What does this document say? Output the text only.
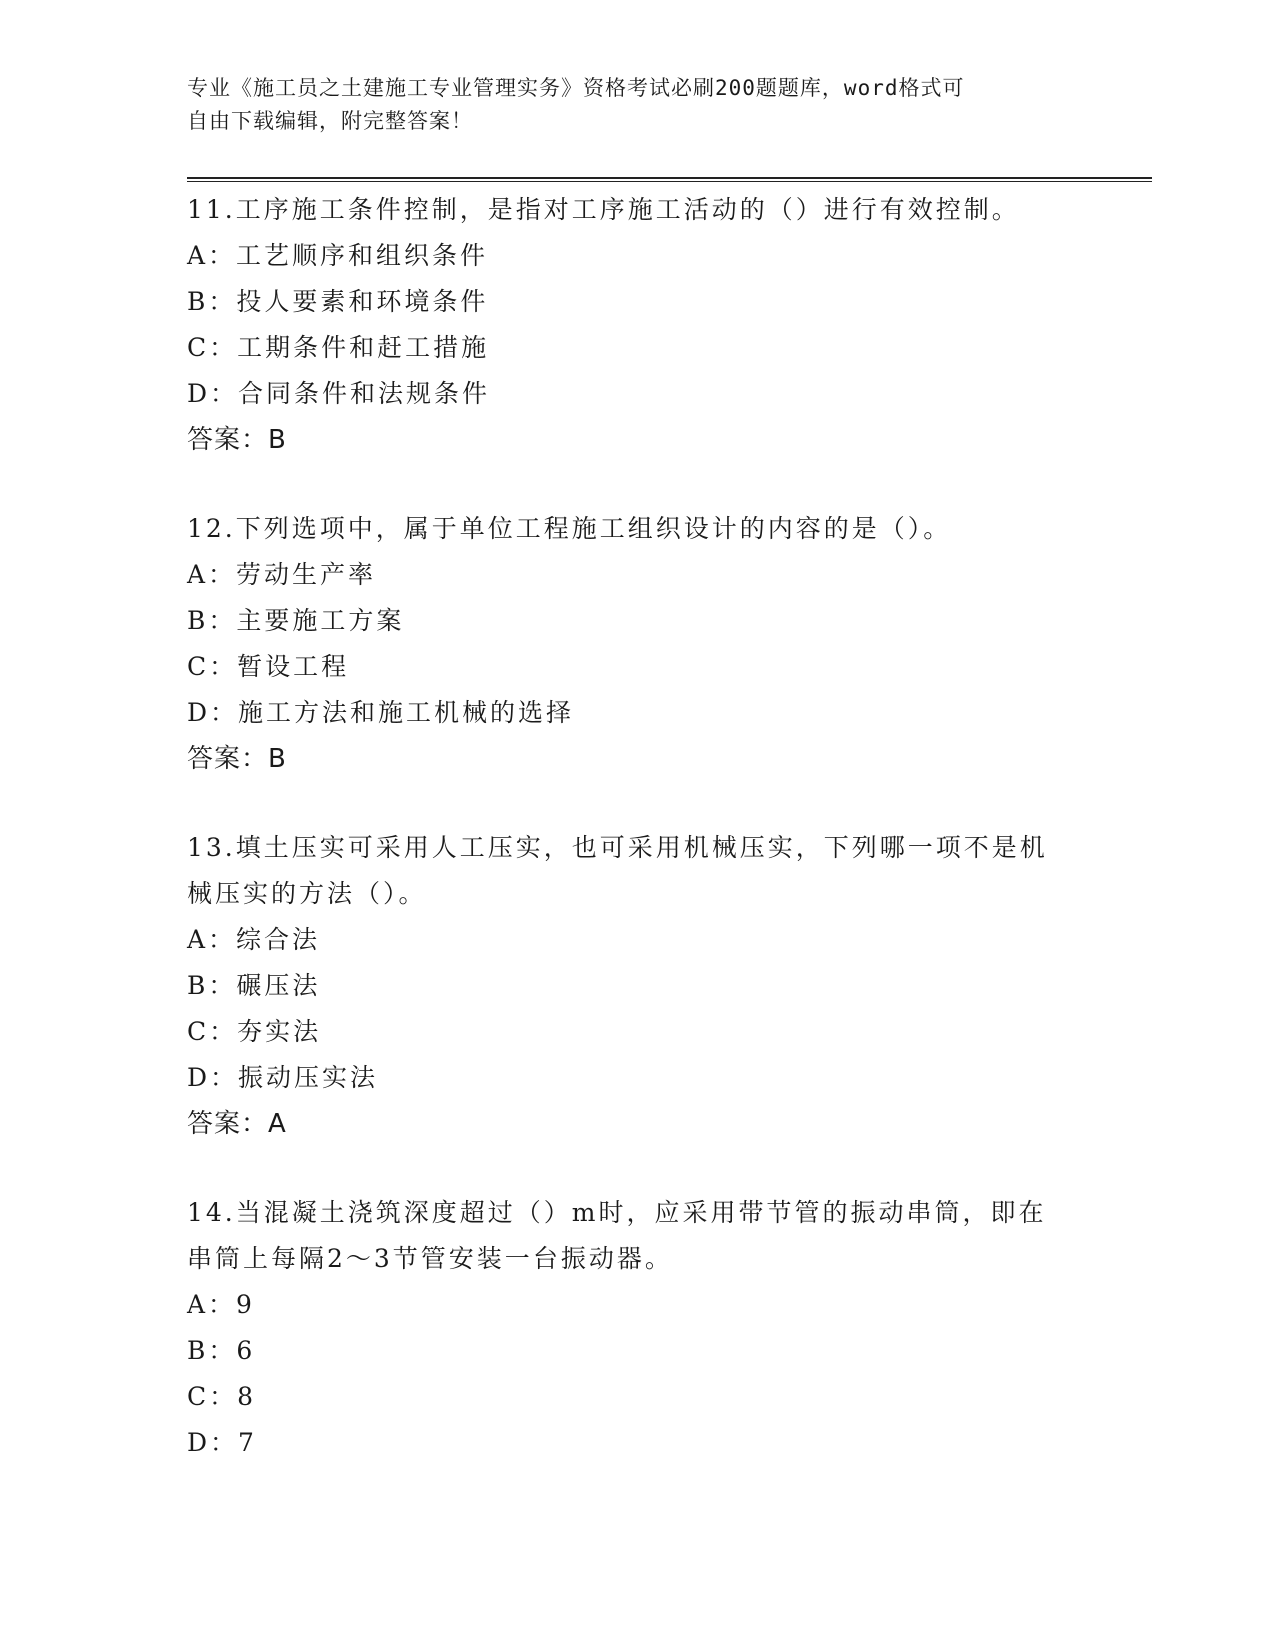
专业《施工员之土建施工专业管理实务》资格考试必刷200题题库，word格式可
自由下载编辑，附完整答案！

11.工序施工条件控制，是指对工序施工活动的（）进行有效控制。

A：工艺顺序和组织条件

B：投人要素和环境条件

C：工期条件和赶工措施

D：合同条件和法规条件

答案：B

12.下列选项中，属于单位工程施工组织设计的内容的是（）。

A：劳动生产率

B：主要施工方案

C：暂设工程

D：施工方法和施工机械的选择

答案：B

13.填土压实可采用人工压实，也可采用机械压实，下列哪一项不是机械压实的方法（）。

A：综合法

B：碾压法

C：夯实法

D：振动压实法

答案：A

14.当混凝土浇筑深度超过（）m时，应采用带节管的振动串筒，即在串筒上每隔2～3节管安装一台振动器。

A：9

B：6

C：8

D：7
